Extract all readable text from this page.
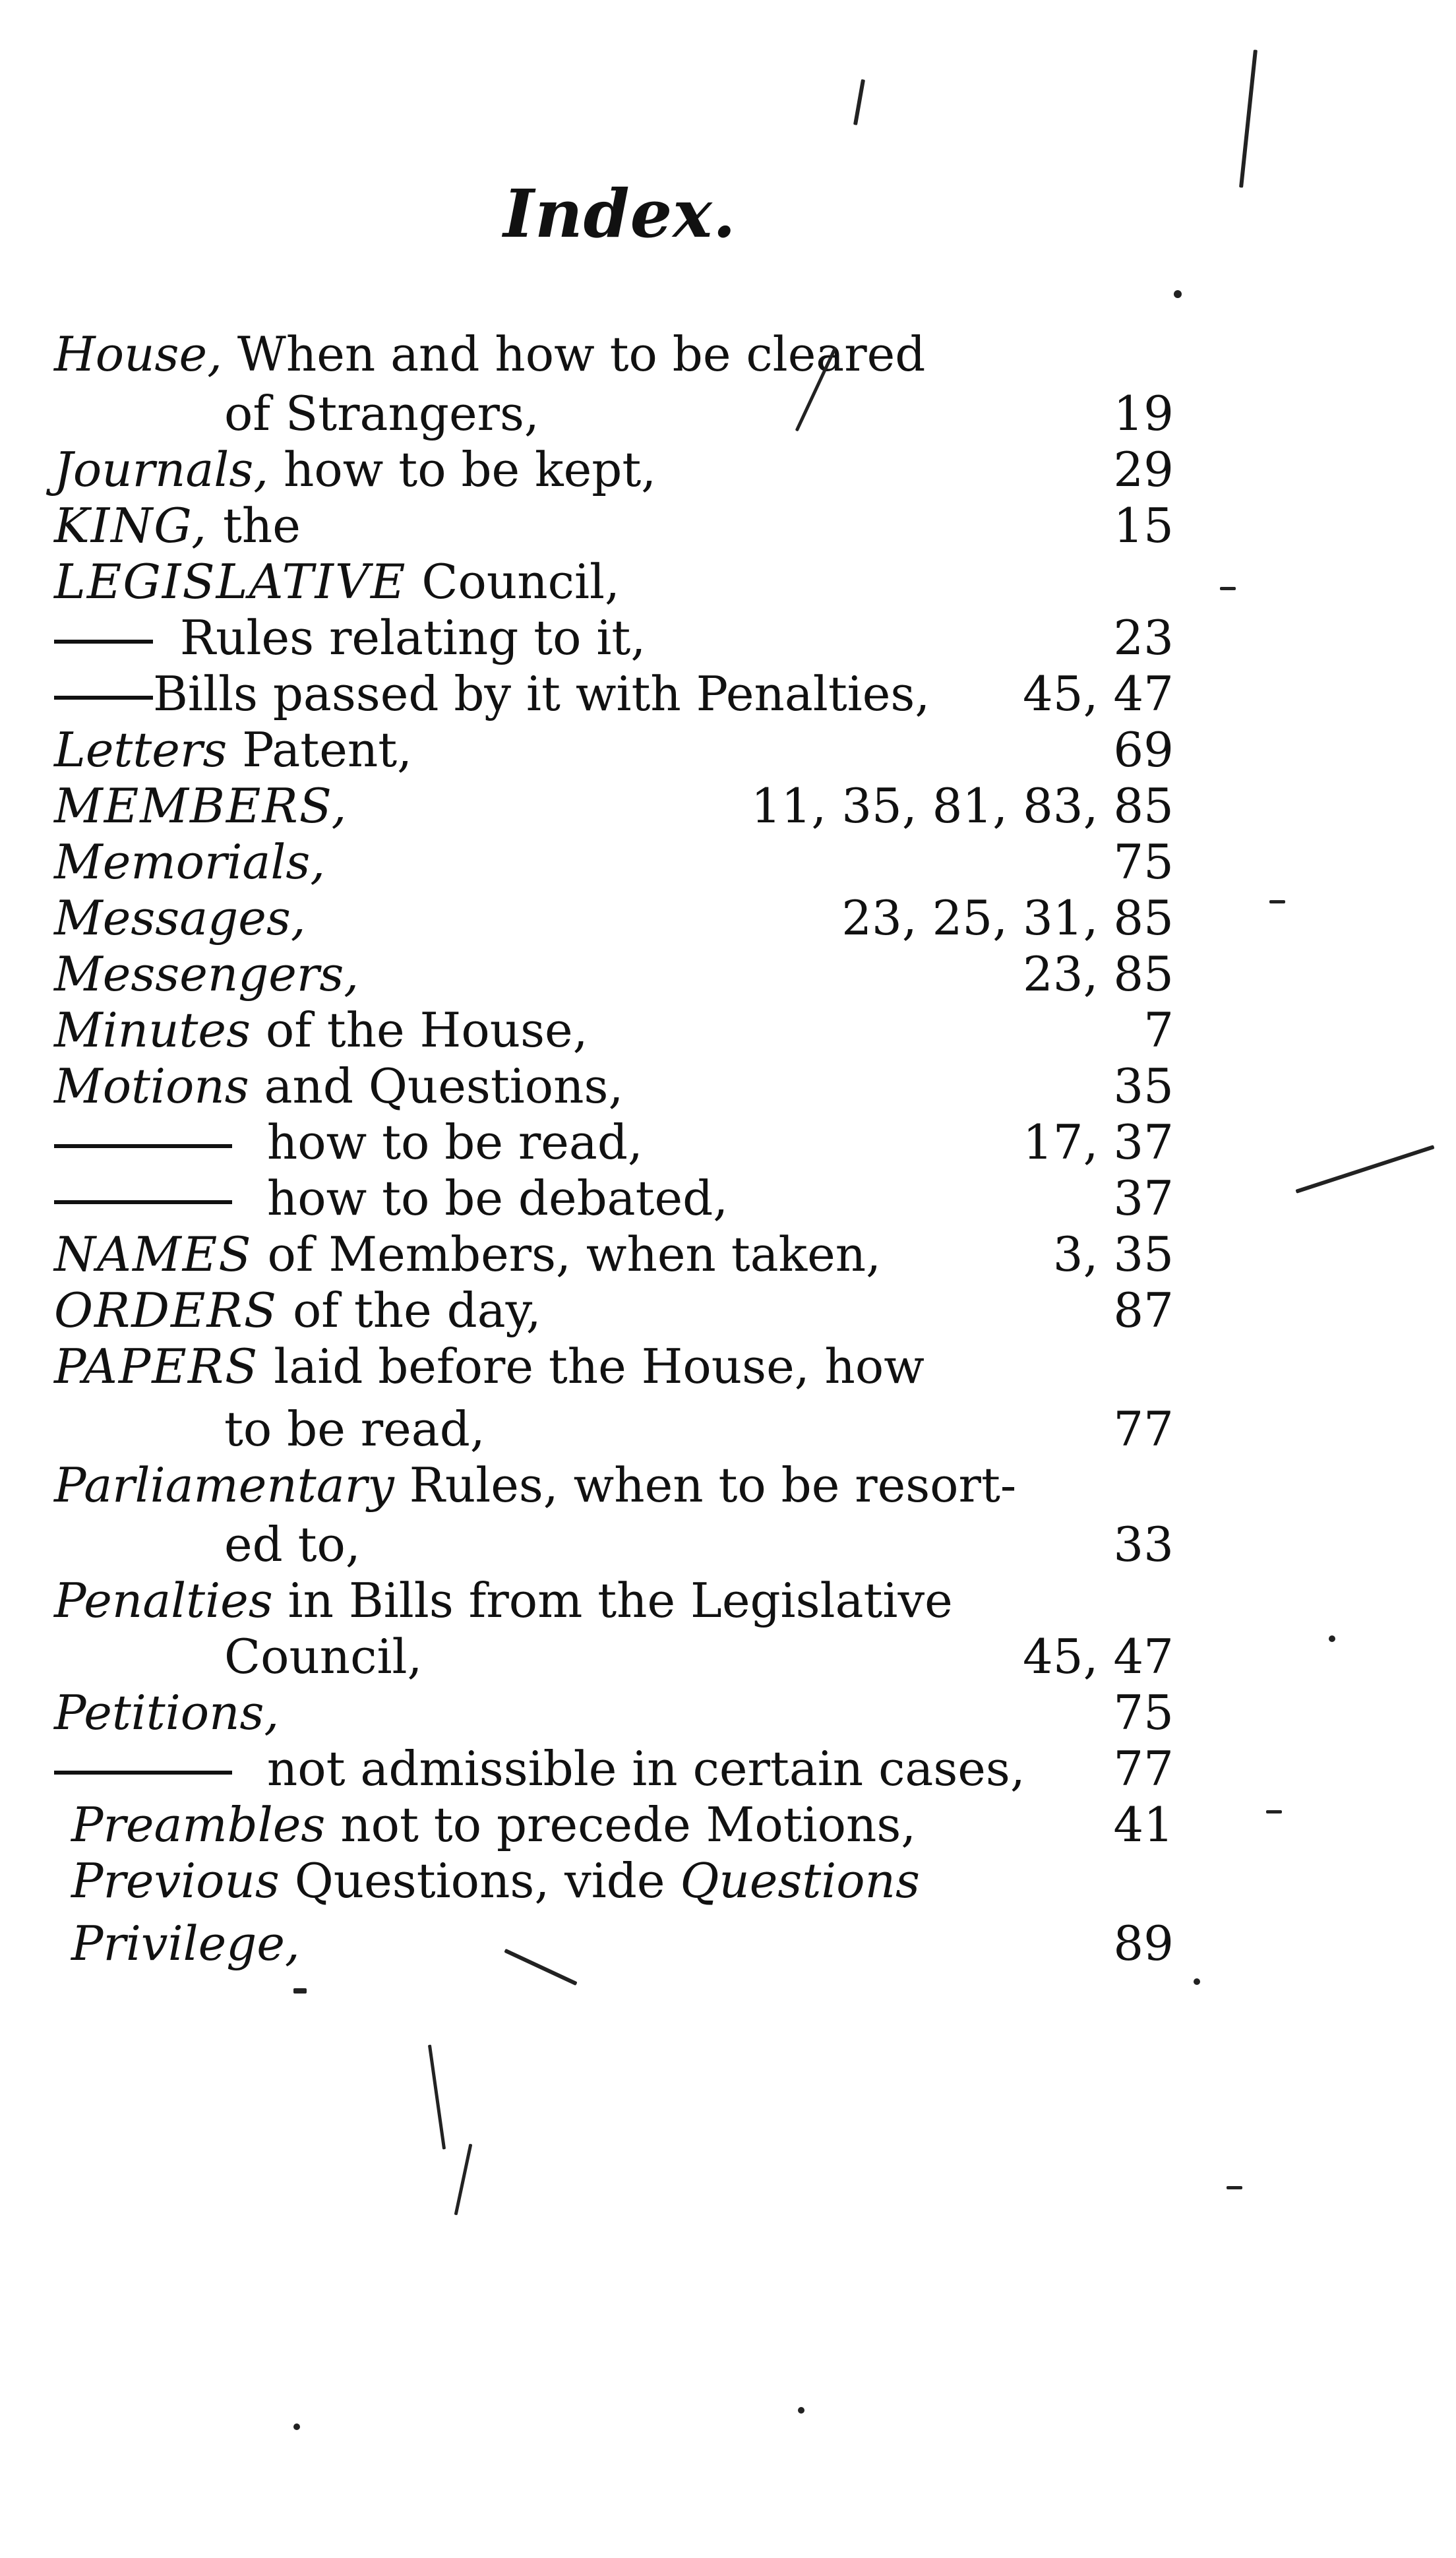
Index.
House, When and how to be cleared
of Strangers,	19
Journals, how to be kept,	29
KING, the	15
LEGISLATIVE Council,
Rules relating to it,	23
Bills passed by it with Penalties, 45, 47
Letters Patent,	69
MEMBERS,	11, 35, 81, 83, 85
Memorials,	75
Messages,	23, 25, 31, 85
Messengers,	23, 85
Minutes of the House,	7
Motions and Questions,	35
how to be read,	17, 37
how to be debated,	37
NAMES of Members, when taken,	3, 35
ORDERS of the day,	87
PAPERS laid before the House, how
to be read,	77
Parliamentary Rules, when to be resort-
ed to,	33
Penalties in Bills from the Legislative
Council,	45, 47
Petitions,	75
not admissible in certain cases, 77
Preambles not to precede Motions,	41
Previous Questions, vide Questions
Privilege,	89
